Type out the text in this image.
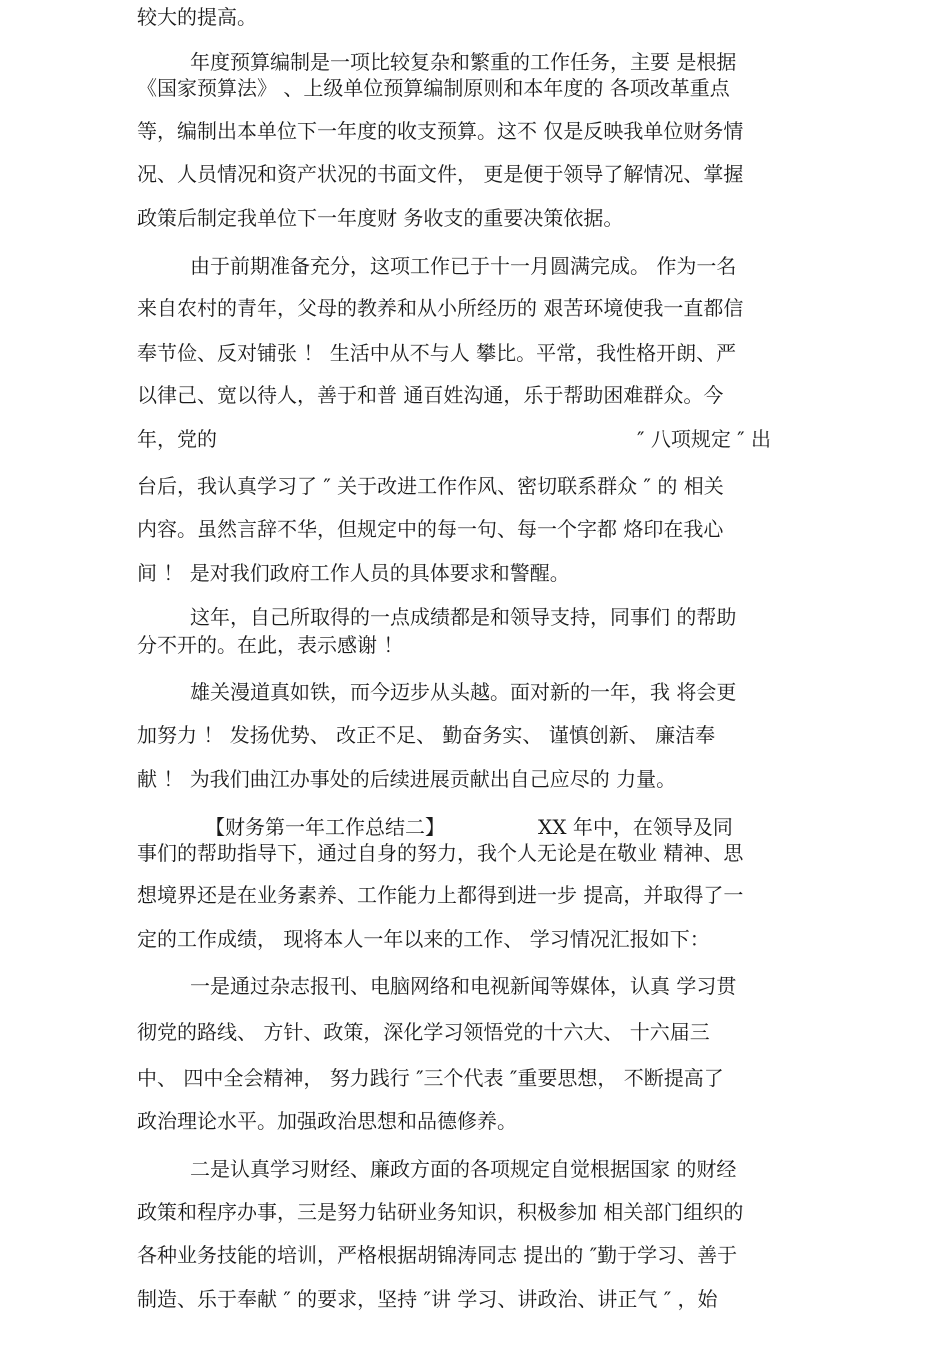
较大的提高。
年度预算编制是一项比较复杂和繁重的工作任务，主要 是根据
《国家预算法》 、上级单位预算编制原则和本年度的 各项改革重点
等，编制出本单位下一年度的收支预算。这不 仅是反映我单位财务情
况、人员情况和资产状况的书面文件， 更是便于领导了解情况、掌握
政策后制定我单位下一年度财 务收支的重要决策依据。
由于前期准备充分，这项工作已于十一月圆满完成。 作为一名
来自农村的青年，父母的教养和从小所经历的 艰苦环境使我一直都信
奉节俭、反对铺张 ！ 生活中从不与人 攀比。平常，我性格开朗、严
以律己、宽以待人，善于和普 通百姓沟通，乐于帮助困难群众。今

年，党的

	″ 八项规定 ″ 出

台后，我认真学习了 ″ 关于改进工作作风、密切联系群众 ″ 的 相关
内容。虽然言辞不华，但规定中的每一句、每一个字都 烙印在我心
间 ！ 是对我们政府工作人员的具体要求和警醒。
这年，自己所取得的一点成绩都是和领导支持，同事们 的帮助
分不开的。在此，表示感谢 ！
雄关漫道真如铁，而今迈步从头越。面对新的一年，我 将会更
加努力 ！ 发扬优势、 改正不足、 勤奋务实、 谨慎创新、 廉洁奉
献 ！ 为我们曲江办事处的后续进展贡献出自己应尽的 力量。

【财务第一年工作总结二】

	XX 年中，在领导及同

事们的帮助指导下，通过自身的努力，我个人无论是在敬业 精神、思
想境界还是在业务素养、工作能力上都得到进一步 提高，并取得了一
定的工作成绩， 现将本人一年以来的工作、 学习情况汇报如下：
一是通过杂志报刊、电脑网络和电视新闻等媒体，认真 学习贯
彻党的路线、 方针、政策，深化学习领悟党的十六大、 十六届三
中、 四中全会精神， 努力践行 ″三个代表 ″重要思想， 不断提高了
政治理论水平。加强政治思想和品德修养。
二是认真学习财经、廉政方面的各项规定自觉根据国家 的财经
政策和程序办事，三是努力钻研业务知识，积极参加 相关部门组织的
各种业务技能的培训，严格根据胡锦涛同志 提出的 ″勤于学习、善于
制造、乐于奉献 ″ 的要求，坚持 ″讲 学习、讲政治、讲正气 ″ ，始
